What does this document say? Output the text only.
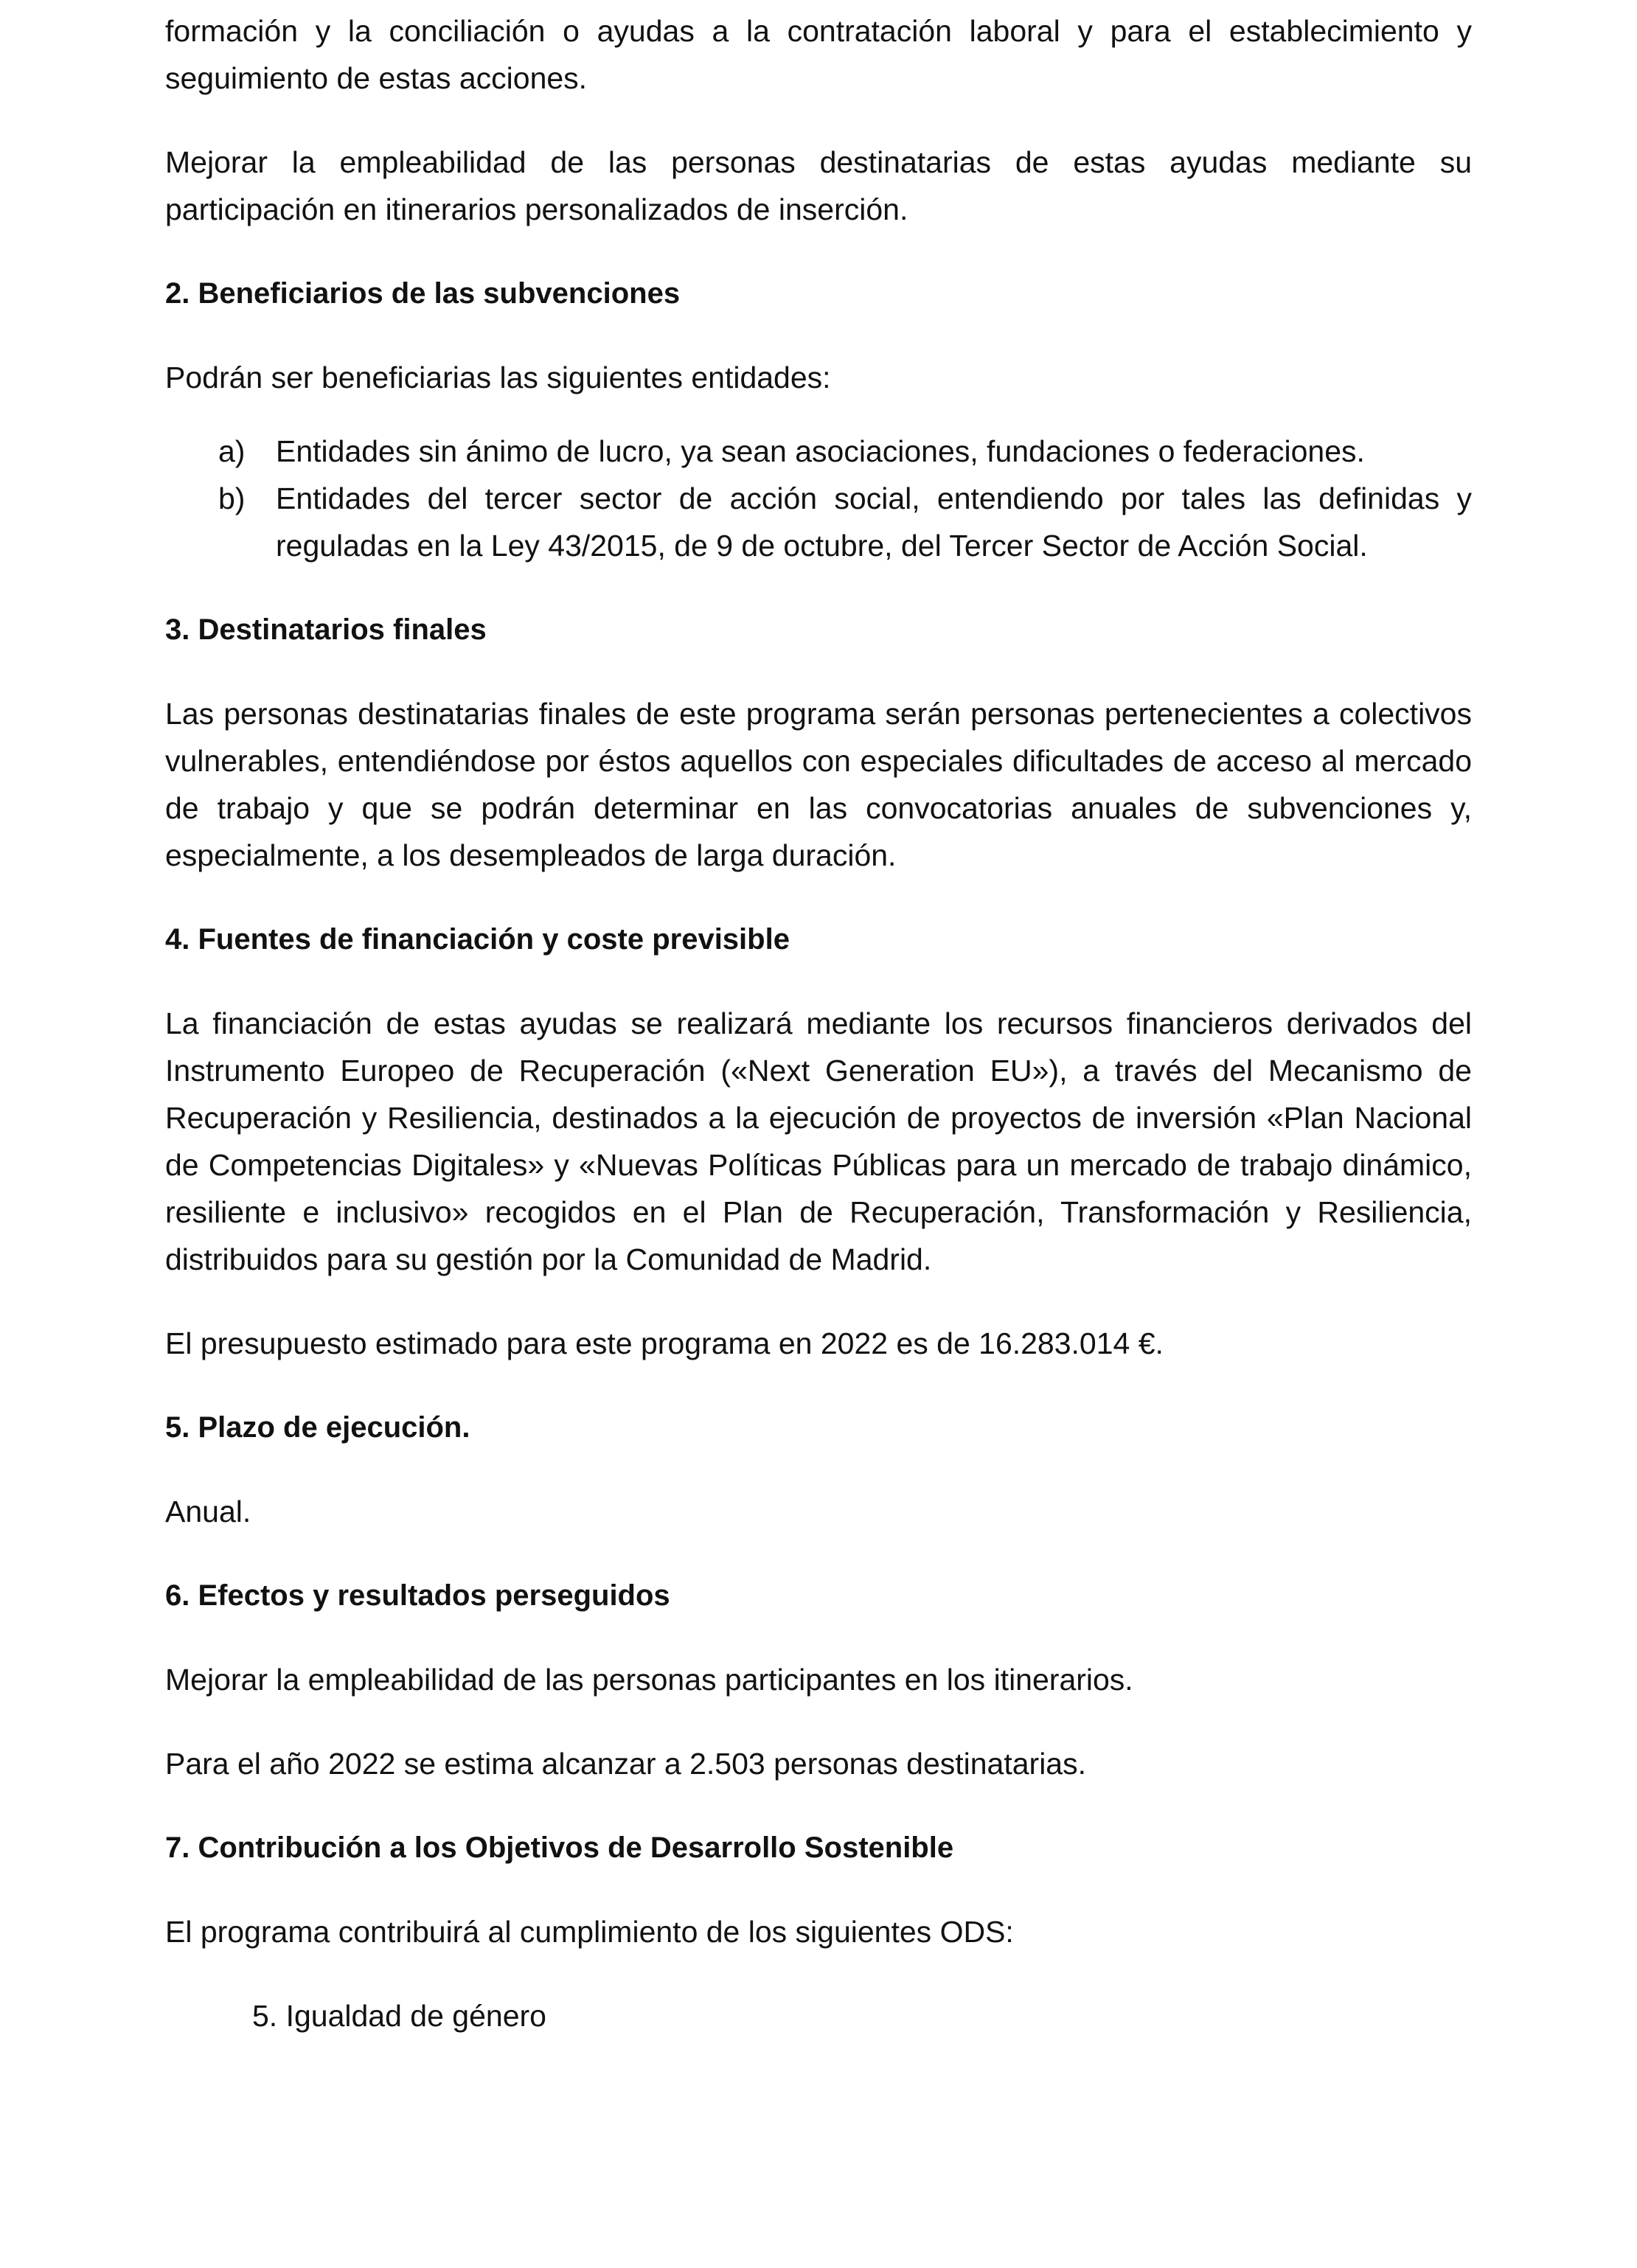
formación y la conciliación o ayudas a la contratación laboral y para el establecimiento y seguimiento de estas acciones.

Mejorar la empleabilidad de las personas destinatarias de estas ayudas mediante su participación en itinerarios personalizados de inserción.

2. Beneficiarios de las subvenciones

Podrán ser beneficiarias las siguientes entidades:

a) Entidades sin ánimo de lucro, ya sean asociaciones, fundaciones o federaciones.
b) Entidades del tercer sector de acción social, entendiendo por tales las definidas y reguladas en la Ley 43/2015, de 9 de octubre, del Tercer Sector de Acción Social.

3. Destinatarios finales

Las personas destinatarias finales de este programa serán personas pertenecientes a colectivos vulnerables, entendiéndose por éstos aquellos con especiales dificultades de acceso al mercado de trabajo y que se podrán determinar en las convocatorias anuales de subvenciones y, especialmente, a los desempleados de larga duración.

4. Fuentes de financiación y coste previsible

La financiación de estas ayudas se realizará mediante los recursos financieros derivados del Instrumento Europeo de Recuperación («Next Generation EU»), a través del Mecanismo de Recuperación y Resiliencia, destinados a la ejecución de proyectos de inversión «Plan Nacional de Competencias Digitales» y «Nuevas Políticas Públicas para un mercado de trabajo dinámico, resiliente e inclusivo» recogidos en el Plan de Recuperación, Transformación y Resiliencia, distribuidos para su gestión por la Comunidad de Madrid.

El presupuesto estimado para este programa en 2022 es de 16.283.014 €.

5. Plazo de ejecución.

Anual.

6. Efectos y resultados perseguidos

Mejorar la empleabilidad de las personas participantes en los itinerarios.

Para el año 2022 se estima alcanzar a 2.503 personas destinatarias.

7. Contribución a los Objetivos de Desarrollo Sostenible

El programa contribuirá al cumplimiento de los siguientes ODS:

5. Igualdad de género
